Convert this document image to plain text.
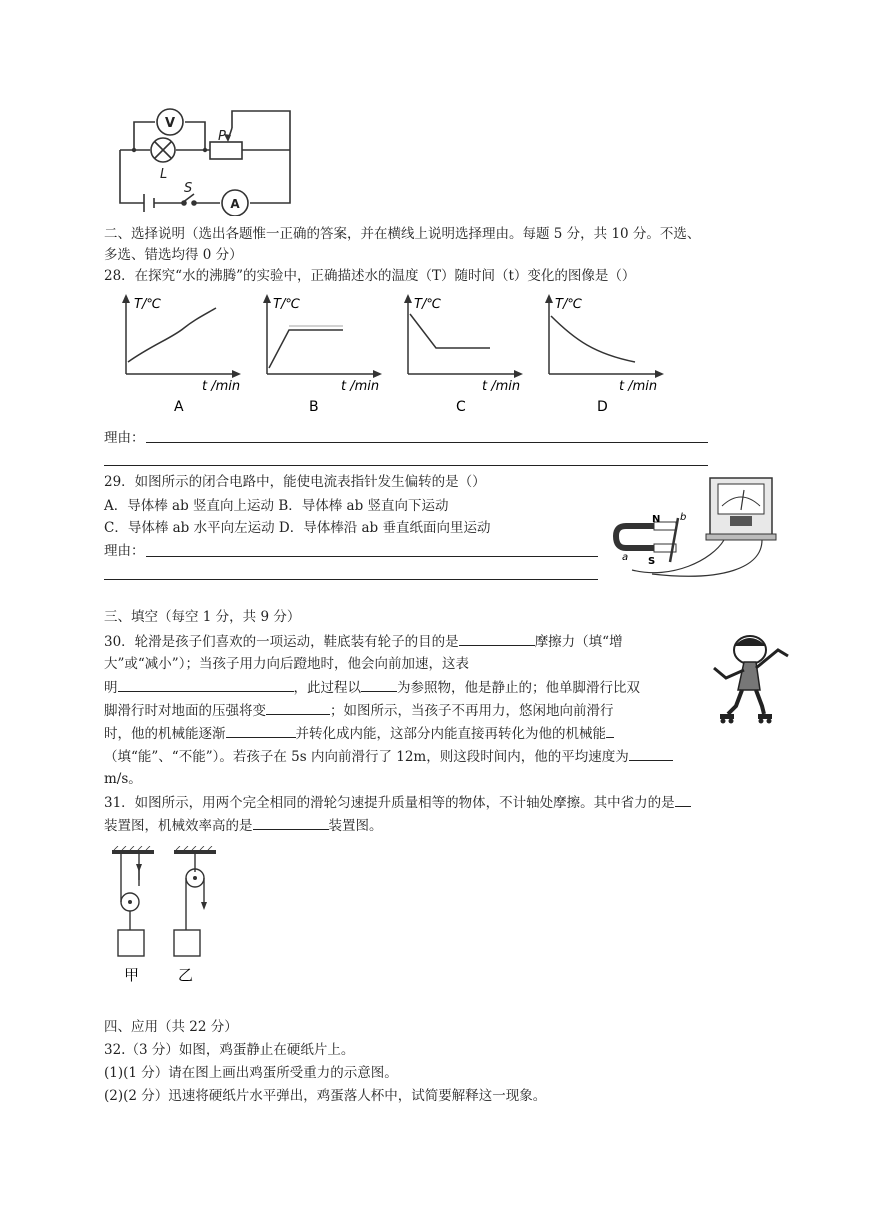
V
P
L
S
A
二、选择说明（选出各题惟一正确的答案，并在横线上说明选择理由。每题 5 分，共 10 分。不选、
多选、错选均得 0 分）
28．在探究“水的沸腾”的实验中，正确描述水的温度（T）随时间（t）变化的图像是（）
T/℃
t /min
A
T/℃
t /min
B
T/℃
t /min
C
T/℃
t /min
D
理由：
29．如图所示的闭合电路中，能使电流表指针发生偏转的是（）
A．导体棒 ab 竖直向上运动 B．导体棒 ab 竖直向下运动
C．导体棒 ab 水平向左运动 D．导体棒沿 ab 垂直纸面向里运动
理由：
N
S
a
b
三、填空（每空 1 分，共 9 分）
30．轮滑是孩子们喜欢的一项运动，鞋底装有轮子的目的是	摩擦力（填“增
大”或“减小”）；当孩子用力向后蹬地时，他会向前加速，这表
明	，此过程以	为参照物，他是静止的；他单脚滑行比双
脚滑行时对地面的压强将变	；如图所示，当孩子不再用力，悠闲地向前滑行
时，他的机械能逐渐	并转化成内能，这部分内能直接再转化为他的机械能
（填“能”、“不能”）。若孩子在 5s 内向前滑行了 12m，则这段时间内，他的平均速度为
m/s。
31．如图所示，用两个完全相同的滑轮匀速提升质量相等的物体，不计轴处摩擦。其中省力的是
装置图，机械效率高的是	装置图。
甲	乙
四、应用（共 22 分）
32.（3 分）如图，鸡蛋静止在硬纸片上。
(1)(1 分）请在图上画出鸡蛋所受重力的示意图。
(2)(2 分）迅速将硬纸片水平弹出，鸡蛋落人杯中，试简要解释这一现象。
